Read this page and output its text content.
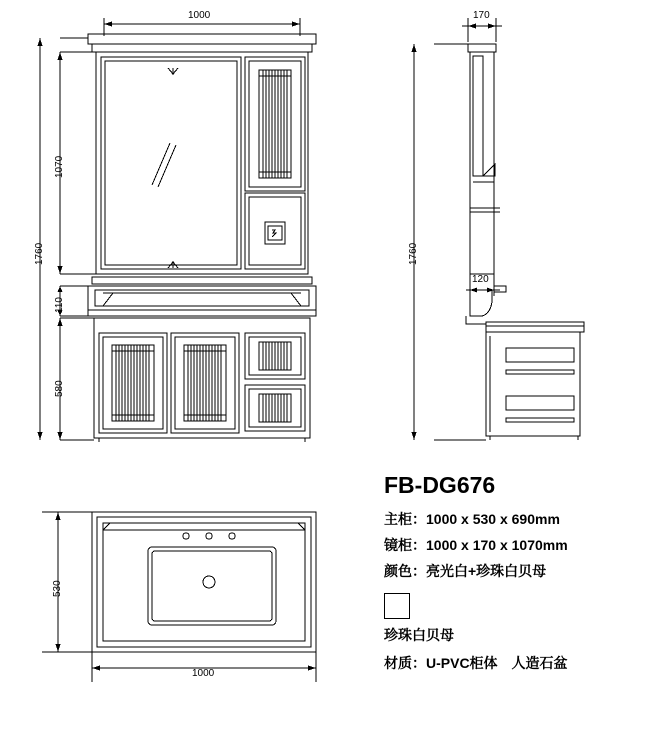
1000
1760
1070
110
580
170
1760
120
530
1000
FB-DG676
主柜：1000 x 530 x 690mm
镜柜：1000 x 170 x 1070mm
颜色：亮光白+珍珠白贝母
珍珠白贝母
材质：U-PVC柜体　人造石盆
